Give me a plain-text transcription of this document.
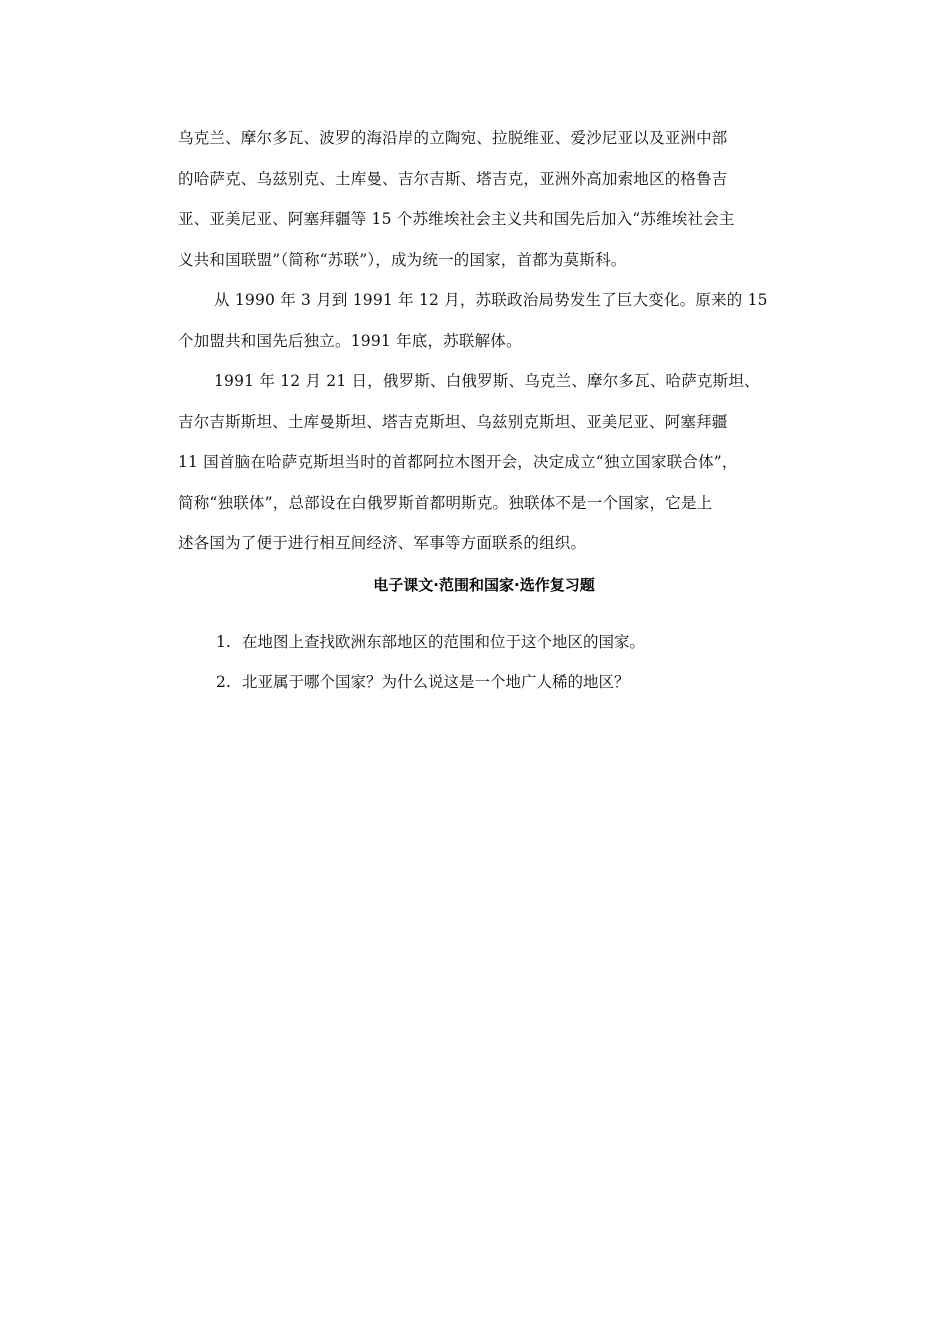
乌克兰、摩尔多瓦、波罗的海沿岸的立陶宛、拉脱维亚、爱沙尼亚以及亚洲中部
的哈萨克、乌兹别克、土库曼、吉尔吉斯、塔吉克，亚洲外高加索地区的格鲁吉
亚、亚美尼亚、阿塞拜疆等 15 个苏维埃社会主义共和国先后加入“苏维埃社会主
义共和国联盟”（简称“苏联”），成为统一的国家，首都为莫斯科。
从 1990 年 3 月到 1991 年 12 月，苏联政治局势发生了巨大变化。原来的 15
个加盟共和国先后独立。1991 年底，苏联解体。
1991 年 12 月 21 日，俄罗斯、白俄罗斯、乌克兰、摩尔多瓦、哈萨克斯坦、
吉尔吉斯斯坦、土库曼斯坦、塔吉克斯坦、乌兹别克斯坦、亚美尼亚、阿塞拜疆
11 国首脑在哈萨克斯坦当时的首都阿拉木图开会，决定成立“独立国家联合体”，
简称“独联体”，总部设在白俄罗斯首都明斯克。独联体不是一个国家，它是上
述各国为了便于进行相互间经济、军事等方面联系的组织。
电子课文·范围和国家·选作复习题
1. 在地图上查找欧洲东部地区的范围和位于这个地区的国家。
2. 北亚属于哪个国家？为什么说这是一个地广人稀的地区？
